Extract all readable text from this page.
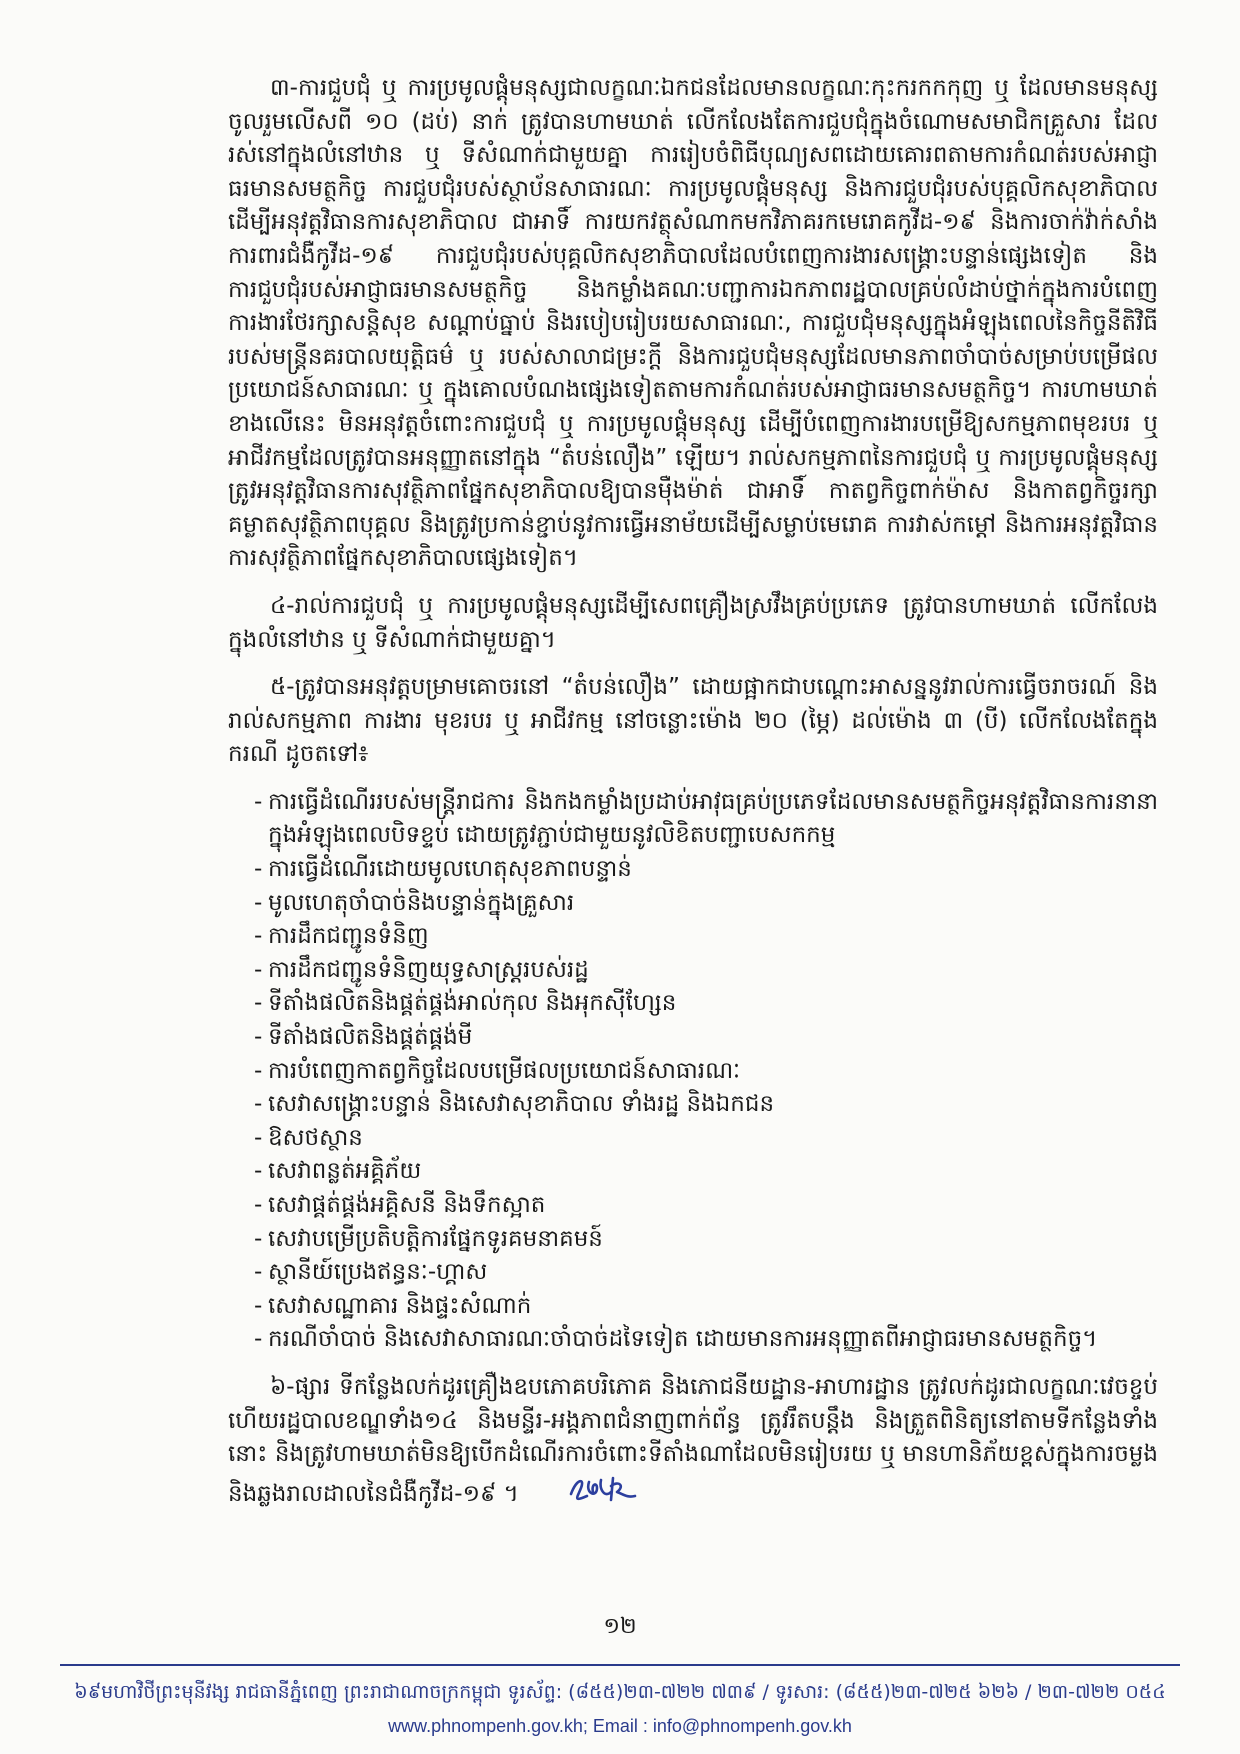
៣-ការជួបជុំ ឬ ការប្រមូលផ្តុំមនុស្សជាលក្ខណៈឯកជនដែលមានលក្ខណៈកុះករកកកុញ ឬ ដែលមានមនុស្សចូលរួមលើសពី ១០ (ដប់) នាក់ ត្រូវបានហាមឃាត់ លើកលែងតែការជួបជុំក្នុងចំណោមសមាជិកគ្រួសារ ដែលរស់នៅក្នុងលំនៅឋាន ឬ ទីសំណាក់ជាមួយគ្នា ការរៀបចំពិធីបុណ្យសពដោយគោរពតាមការកំណត់របស់អាជ្ញាធរមានសមត្ថកិច្ច ការជួបជុំរបស់ស្ថាប័នសាធារណៈ ការប្រមូលផ្តុំមនុស្ស និងការជួបជុំរបស់បុគ្គលិកសុខាភិបាលដើម្បីអនុវត្តវិធានការសុខាភិបាល ជាអាទិ៍ ការយកវត្ថុសំណាកមកវិភាគរកមេរោគកូវីដ-១៩ និងការចាក់វ៉ាក់សាំងការពារជំងឺកូវីដ-១៩ ការជួបជុំរបស់បុគ្គលិកសុខាភិបាលដែលបំពេញការងារសង្គ្រោះបន្ទាន់ផ្សេងទៀត និងការជួបជុំរបស់អាជ្ញាធរមានសមត្ថកិច្ច និងកម្លាំងគណៈបញ្ជាការឯកភាពរដ្ឋបាលគ្រប់លំដាប់ថ្នាក់ក្នុងការបំពេញការងារថែរក្សាសន្តិសុខ សណ្តាប់ធ្នាប់ និងរបៀបរៀបរយសាធារណៈ, ការជួបជុំមនុស្សក្នុងអំឡុងពេលនៃកិច្ចនីតិវិធីរបស់មន្ត្រីនគរបាលយុត្តិធម៌ ឬ របស់សាលាជម្រះក្តី និងការជួបជុំមនុស្សដែលមានភាពចាំបាច់សម្រាប់បម្រើផលប្រយោជន៍សាធារណៈ ឬ ក្នុងគោលបំណងផ្សេងទៀតតាមការកំណត់របស់អាជ្ញាធរមានសមត្ថកិច្ច។ ការហាមឃាត់ខាងលើនេះ មិនអនុវត្តចំពោះការជួបជុំ ឬ ការប្រមូលផ្តុំមនុស្ស ដើម្បីបំពេញការងារបម្រើឱ្យសកម្មភាពមុខរបរ ឬ អាជីវកម្មដែលត្រូវបានអនុញ្ញាតនៅក្នុង “តំបន់លឿង” ឡើយ។ រាល់សកម្មភាពនៃការជួបជុំ ឬ ការប្រមូលផ្តុំមនុស្ស ត្រូវអនុវត្តវិធានការសុវត្ថិភាពផ្នែកសុខាភិបាលឱ្យបានម៉ឺងម៉ាត់ ជាអាទិ៍ កាតព្វកិច្ចពាក់ម៉ាស និងកាតព្វកិច្ចរក្សាគម្លាតសុវត្ថិភាពបុគ្គល និងត្រូវប្រកាន់ខ្ជាប់នូវការធ្វើអនាម័យដើម្បីសម្លាប់មេរោគ ការវាស់កម្តៅ និងការអនុវត្តវិធានការសុវត្ថិភាពផ្នែកសុខាភិបាលផ្សេងទៀត។

៤-រាល់ការជួបជុំ ឬ ការប្រមូលផ្តុំមនុស្សដើម្បីសេពគ្រឿងស្រវឹងគ្រប់ប្រភេទ ត្រូវបានហាមឃាត់ លើកលែងក្នុងលំនៅឋាន ឬ ទីសំណាក់ជាមួយគ្នា។

៥-ត្រូវបានអនុវត្តបម្រាមគោចរនៅ “តំបន់លឿង” ដោយផ្អាកជាបណ្តោះអាសន្ននូវរាល់ការធ្វើចរាចរណ៍ និងរាល់សកម្មភាព ការងារ មុខរបរ ឬ អាជីវកម្ម នៅចន្លោះម៉ោង ២០ (ម្ភៃ) ដល់ម៉ោង ៣ (បី) លើកលែងតែក្នុងករណី ដូចតទៅ៖

- ការធ្វើដំណើររបស់មន្ត្រីរាជការ និងកងកម្លាំងប្រដាប់អាវុធគ្រប់ប្រភេទដែលមានសមត្ថកិច្ចអនុវត្តវិធានការនានាក្នុងអំឡុងពេលបិទខ្ទប់ ដោយត្រូវភ្ជាប់ជាមួយនូវលិខិតបញ្ជាបេសកកម្ម
- ការធ្វើដំណើរដោយមូលហេតុសុខភាពបន្ទាន់
- មូលហេតុចាំបាច់និងបន្ទាន់ក្នុងគ្រួសារ
- ការដឹកជញ្ជូនទំនិញ
- ការដឹកជញ្ជូនទំនិញយុទ្ធសាស្ត្ររបស់រដ្ឋ
- ទីតាំងផលិតនិងផ្គត់ផ្គង់អាល់កុល និងអុកស៊ីហ្សែន
- ទីតាំងផលិតនិងផ្គត់ផ្គង់មី
- ការបំពេញកាតព្វកិច្ចដែលបម្រើផលប្រយោជន៍សាធារណៈ
- សេវាសង្គ្រោះបន្ទាន់ និងសេវាសុខាភិបាល ទាំងរដ្ឋ និងឯកជន
- ឱសថស្ថាន
- សេវាពន្លត់អគ្គិភ័យ
- សេវាផ្គត់ផ្គង់អគ្គិសនី និងទឹកស្អាត
- សេវាបម្រើប្រតិបត្តិការផ្នែកទូរគមនាគមន៍
- ស្ថានីយ៍ប្រេងឥន្ធនៈ-ហ្គាស
- សេវាសណ្ឋាគារ និងផ្ទះសំណាក់
- ករណីចាំបាច់ និងសេវាសាធារណៈចាំបាច់ដទៃទៀត ដោយមានការអនុញ្ញាតពីអាជ្ញាធរមានសមត្ថកិច្ច។

៦-ផ្សារ ទីកន្លែងលក់ដូរគ្រឿងឧបភោគបរិភោគ និងភោជនីយដ្ឋាន-អាហារដ្ឋាន ត្រូវលក់ដូរជាលក្ខណៈវេចខ្ចប់ ហើយរដ្ឋបាលខណ្ឌទាំង១៤ និងមន្ទីរ-អង្គភាពជំនាញពាក់ព័ន្ធ ត្រូវរឹតបន្តឹង និងត្រួតពិនិត្យនៅតាមទីកន្លែងទាំងនោះ និងត្រូវហាមឃាត់មិនឱ្យបើកដំណើរការចំពោះទីតាំងណាដែលមិនរៀបរយ ឬ មានហានិភ័យខ្ពស់ក្នុងការចម្លង និងឆ្លងរាលដាលនៃជំងឺកូវីដ-១៩ ។

១២
៦៩មហាវិថីព្រះមុនីវង្ស រាជធានីភ្នំពេញ ព្រះរាជាណាចក្រកម្ពុជា ទូរស័ព្ទ: (៨៥៥)២៣-៧២២ ៧៣៩ / ទូរសារ: (៨៥៥)២៣-៧២៥ ៦២៦ / ២៣-៧២២ ០៥៤
www.phnompenh.gov.kh; Email : info@phnompenh.gov.kh
